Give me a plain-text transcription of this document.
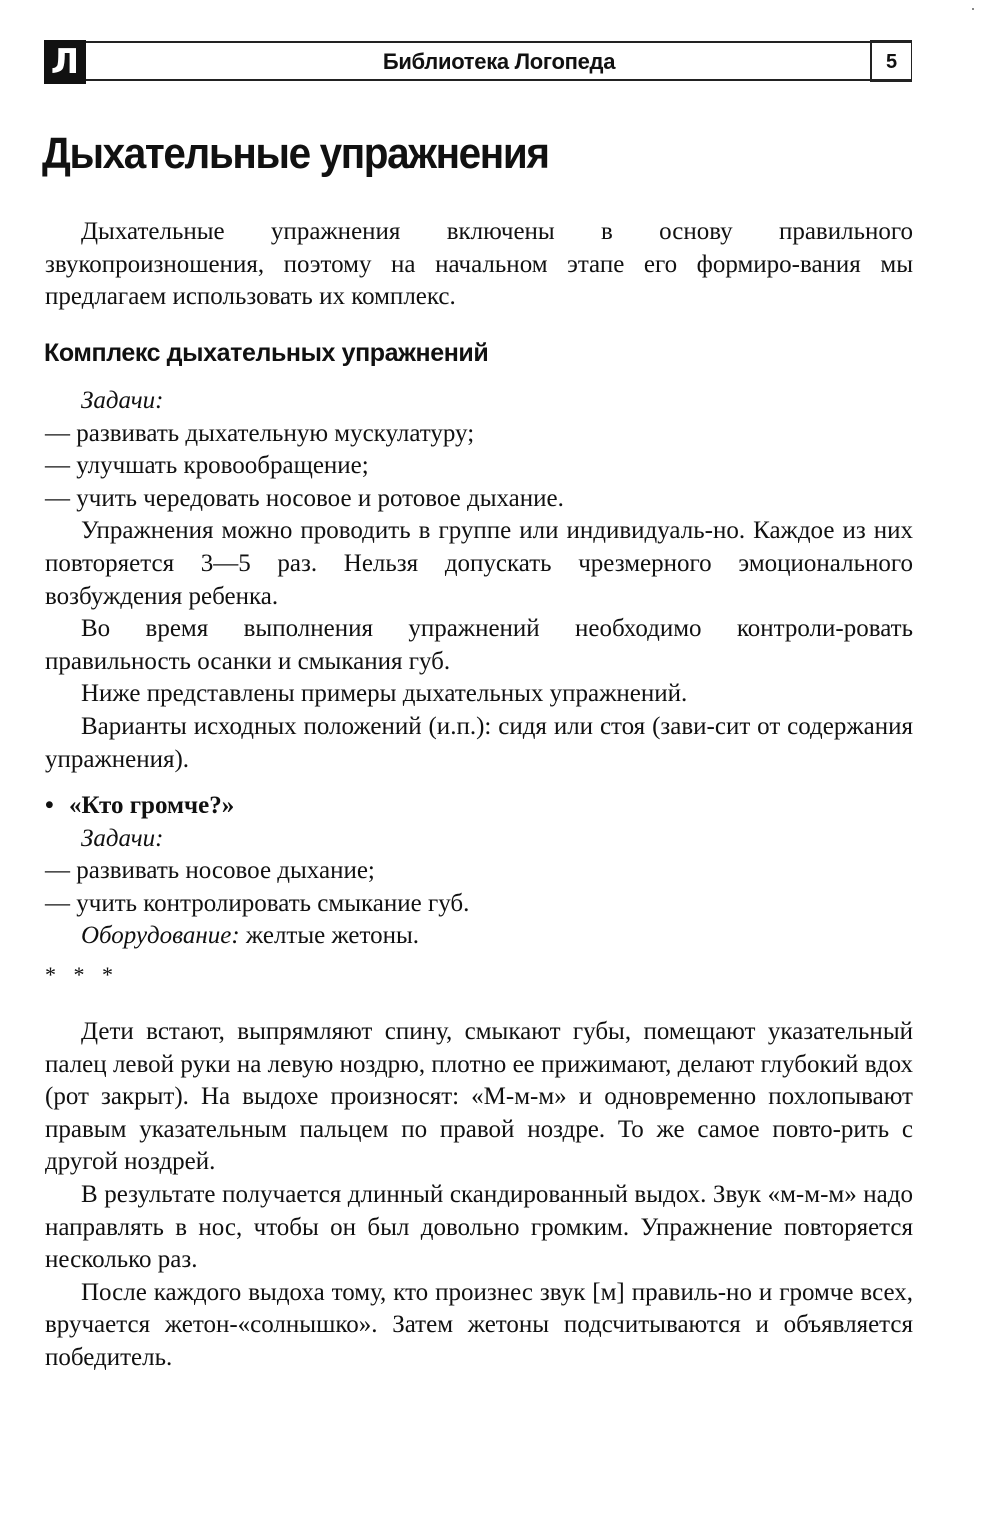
Л	Библиотека Логопеда	5
Дыхательные упражнения

Дыхательные упражнения включены в основу правильного звукопроизношения, поэтому на начальном этапе его формиро-вания мы предлагаем использовать их комплекс.

Комплекс дыхательных упражнений

Задачи:

— развивать дыхательную мускулатуру;

— улучшать кровообращение;

— учить чередовать носовое и ротовое дыхание.

Упражнения можно проводить в группе или индивидуаль-но. Каждое из них повторяется 3—5 раз. Нельзя допускать чрезмерного эмоционального возбуждения ребенка.

Во время выполнения упражнений необходимо контроли-ровать правильность осанки и смыкания губ.

Ниже представлены примеры дыхательных упражнений.

Варианты исходных положений (и.п.): сидя или стоя (зави-сит от содержания упражнения).

• «Кто громче?»

Задачи:

— развивать носовое дыхание;

— учить контролировать смыкание губ.

Оборудование: желтые жетоны.

* * *

Дети встают, выпрямляют спину, смыкают губы, помещают указательный палец левой руки на левую ноздрю, плотно ее прижимают, делают глубокий вдох (рот закрыт). На выдохе произносят: «М-м-м» и одновременно похлопывают правым указательным пальцем по правой ноздре. То же самое повто-рить с другой ноздрей.

В результате получается длинный скандированный выдох. Звук «м-м-м» надо направлять в нос, чтобы он был довольно громким. Упражнение повторяется несколько раз.

После каждого выдоха тому, кто произнес звук [м] правиль-но и громче всех, вручается жетон-«солнышко». Затем жетоны подсчитываются и объявляется победитель.
